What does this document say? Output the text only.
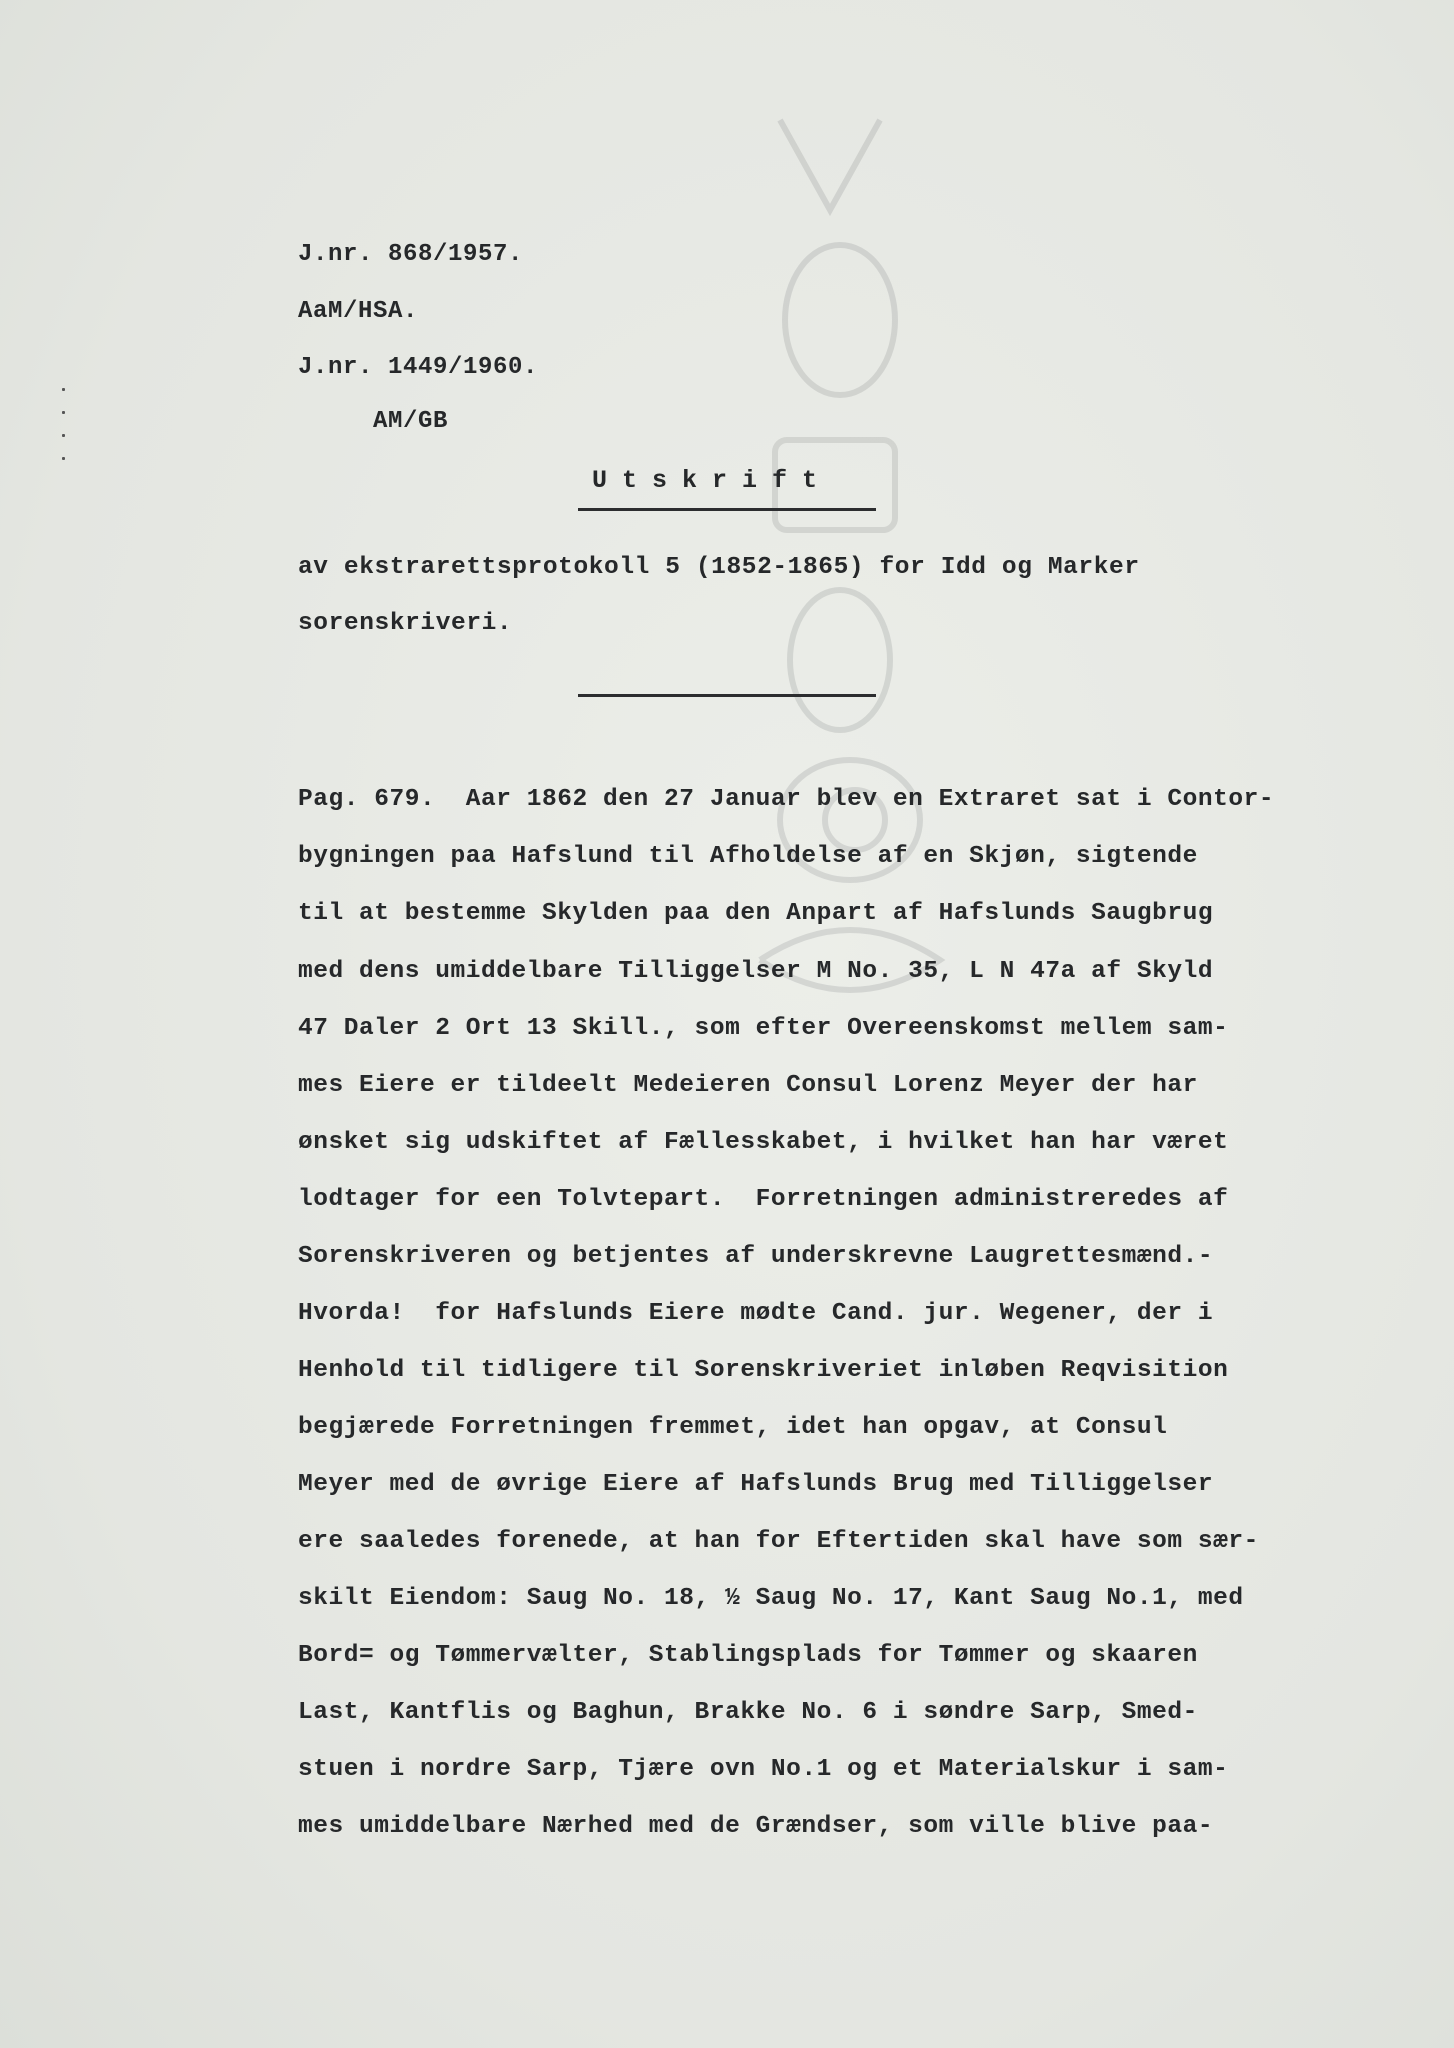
J.nr. 868/1957.
AaM/HSA.
J.nr. 1449/1960.
AM/GB
Utskrift
av ekstrarettsprotokoll 5 (1852-1865) for Idd og Marker
sorenskriveri.
Pag. 679.  Aar 1862 den 27 Januar blev en Extraret sat i Contor-
bygningen paa Hafslund til Afholdelse af en Skjøn, sigtende
til at bestemme Skylden paa den Anpart af Hafslunds Saugbrug
med dens umiddelbare Tilliggelser M No. 35, L N 47a af Skyld
47 Daler 2 Ort 13 Skill., som efter Overeenskomst mellem sam-
mes Eiere er tildeelt Medeieren Consul Lorenz Meyer der har
ønsket sig udskiftet af Fællesskabet, i hvilket han har været
lodtager for een Tolvtepart.  Forretningen administreredes af
Sorenskriveren og betjentes af underskrevne Laugrettesmænd.-
Hvorda!  for Hafslunds Eiere mødte Cand. jur. Wegener, der i
Henhold til tidligere til Sorenskriveriet inløben Reqvisition
begjærede Forretningen fremmet, idet han opgav, at Consul
Meyer med de øvrige Eiere af Hafslunds Brug med Tilliggelser
ere saaledes forenede, at han for Eftertiden skal have som sær-
skilt Eiendom: Saug No. 18, ½ Saug No. 17, Kant Saug No.1, med
Bord= og Tømmervælter, Stablingsplads for Tømmer og skaaren
Last, Kantflis og Baghun, Brakke No. 6 i søndre Sarp, Smed-
stuen i nordre Sarp, Tjære ovn No.1 og et Materialskur i sam-
mes umiddelbare Nærhed med de Grændser, som ville blive paa-
